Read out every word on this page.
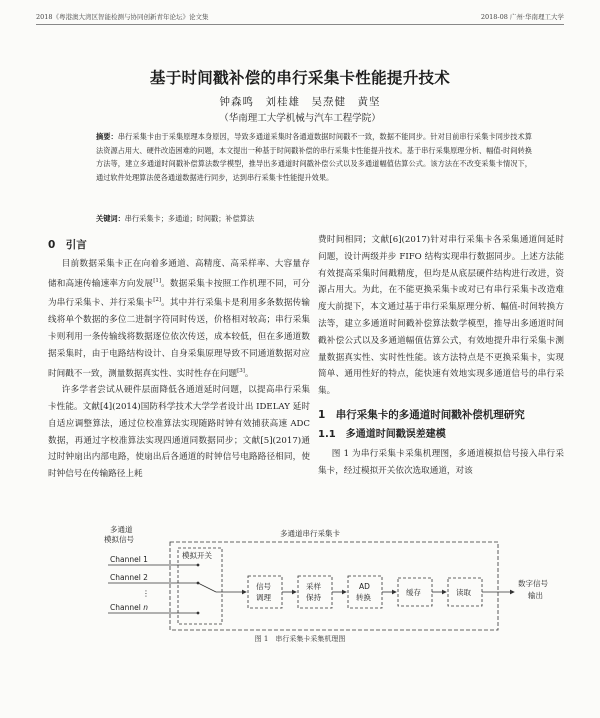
2018《粤港澳大湾区智能检测与协同创新青年论坛》论文集	2018-08 广州·华南理工大学
基于时间戳补偿的串行采集卡性能提升技术
钟森鸣　刘桂雄　吴焘健　黄坚
（华南理工大学机械与汽车工程学院）
摘要：串行采集卡由于采集原理本身原因，导致多通道采集时各通道数据时间戳不一致，数据不能同步。针对目前串行采集卡同步技术算法资源占用大、硬件改造困难的问题，本文提出一种基于时间戳补偿的串行采集卡性能提升技术。基于串行采集原理分析、幅值-时间转换方法等，建立多通道时间戳补偿算法数学模型，推导出多通道时间戳补偿公式以及多通道幅值估算公式。该方法在不改变采集卡情况下，通过软件处理算法使各通道数据进行同步，达到串行采集卡性能提升效果。
关键词：串行采集卡；多通道；时间戳；补偿算法
0　引言

目前数据采集卡正在向着多通道、高精度、高采样率、大容量存储和高速传输速率方向发展[1]。数据采集卡按照工作机理不同，可分为串行采集卡、并行采集卡[2]。其中并行采集卡是利用多条数据传输线将单个数据的多位二进制字符同时传送，价格相对较高；串行采集卡则利用一条传输线将数据逐位依次传送，成本较低，但在多通道数据采集时，由于电路结构设计、自身采集原理导致不同通道数据对应时间戳不一致，测量数据真实性、实时性存在问题[3]。

许多学者尝试从硬件层面降低各通道延时问题，以提高串行采集卡性能。文献[4](2014)国防科学技术大学学者设计出 IDELAY 延时自适应调整算法，通过位校准算法实现随路时钟有效捕获高速 ADC 数据，再通过字校准算法实现四通道同数据同步；文献[5](2017)通过时钟扇出内部电路，使扇出后各通道的时钟信号电路路径相同，使时钟信号在传输路径上耗

费时间相同；文献[6](2017)针对串行采集卡各采集通道间延时问题，设计两级并步 FIFO 结构实现串行数据同步。上述方法能有效提高采集时间戳精度，但均是从底层硬件结构进行改进，资源占用大。为此，在不能更换采集卡或对已有串行采集卡改造难度大前提下，本文通过基于串行采集原理分析、幅值-时间转换方法等，建立多通道时间戳补偿算法数学模型，推导出多通道时间戳补偿公式以及多通道幅值估算公式，有效地提升串行采集卡测量数据真实性、实时性性能。该方法特点是不更换采集卡，实现简单、通用性好的特点，能快速有效地实现多通道信号的串行采集。

1　串行采集卡的多通道时间戳补偿机理研究
1.1　多通道时间戳误差建模

图 1 为串行采集卡采集机理图，多通道模拟信号接入串行采集卡，经过模拟开关依次选取通道，对该

多通道
模拟信号
Channel 1
Channel 2
⋮
Channel n
多通道串行采集卡
模拟开关
信号
调理
采样
保持
AD
转换
缓存	读取
数字信号
输出
图 1　串行采集卡采集机理图
